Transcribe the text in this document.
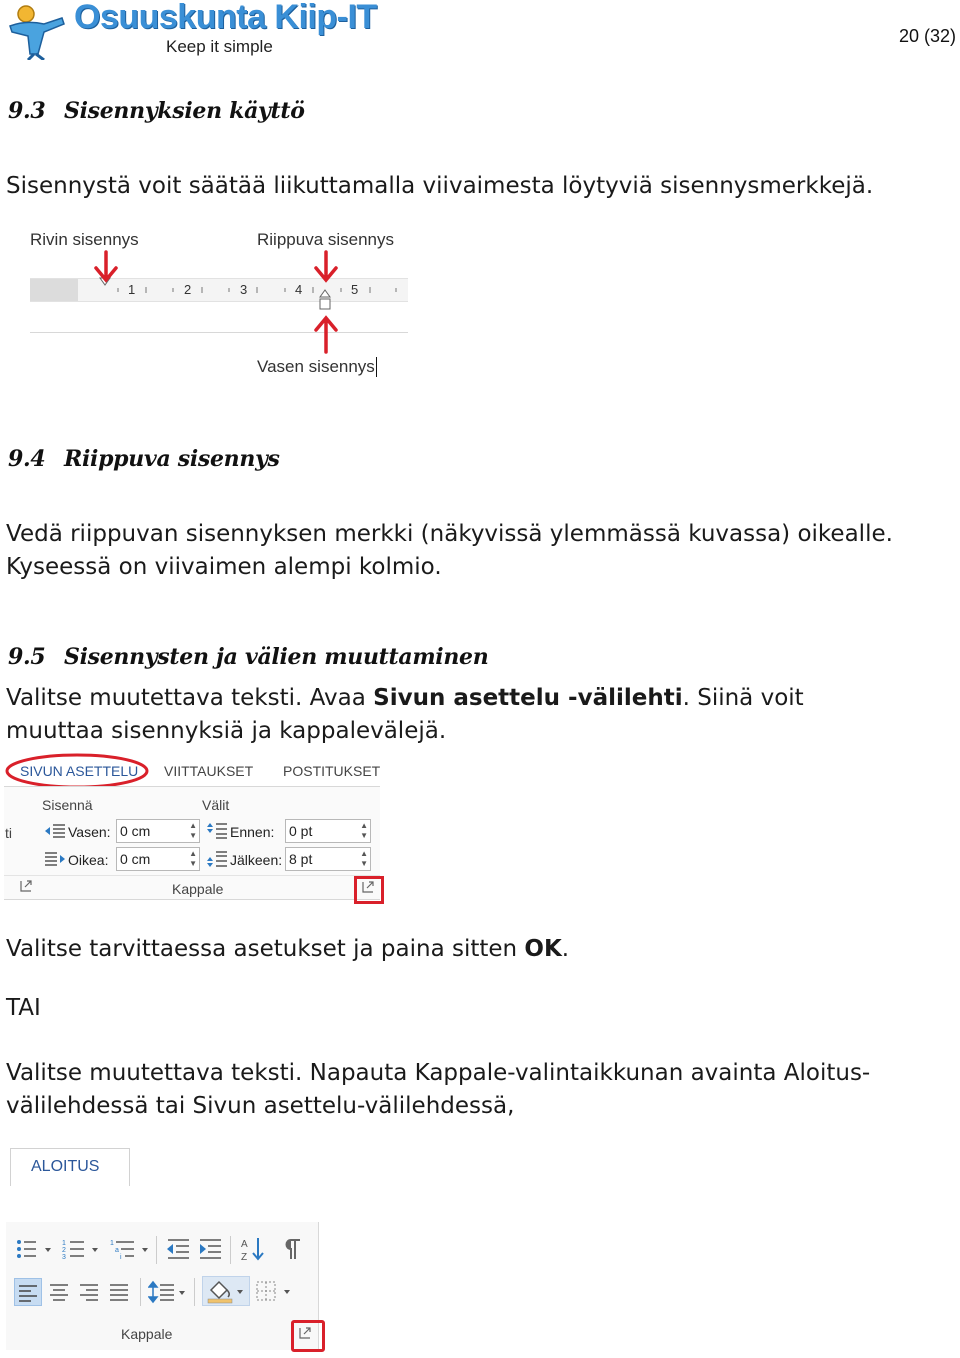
Osuuskunta Kiip-IT
Keep it simple
20 (32)
9.3 Sisennyksien käyttö
Sisennystä voit säätää liikuttamalla viivaimesta löytyviä sisennysmerkkejä.
Rivin sisennys	Riippuva sisennys
1	2	3	4	5
Vasen sisennys
9.4 Riippuva sisennys
Vedä riippuvan sisennyksen merkki (näkyvissä ylemmässä kuvassa) oikealle.
Kyseessä on viivaimen alempi kolmio.
9.5 Sisennysten ja välien muuttaminen
Valitse muutettava teksti. Avaa Sivun asettelu -välilehti. Siinä voit
muuttaa sisennyksiä ja kappalevälejä.
SIVUN ASETTELU VIITTAUKSET POSTITUKSET
Sisennä	Välit
ti	Vasen: 0 cm	▲
▼
Oikea: 0 cm	▲
▼
Ennen: 0 pt	▲
▼
Jälkeen: 8 pt	▲
▼
Kappale
Valitse tarvittaessa asetukset ja paina sitten OK.
TAI
Valitse muutettava teksti. Napauta Kappale-valintaikkunan avainta Aloitus-
välilehdessä tai Sivun asettelu-välilehdessä,
ALOITUS
1
2
3
1
a
i
A
Z
Kappale
